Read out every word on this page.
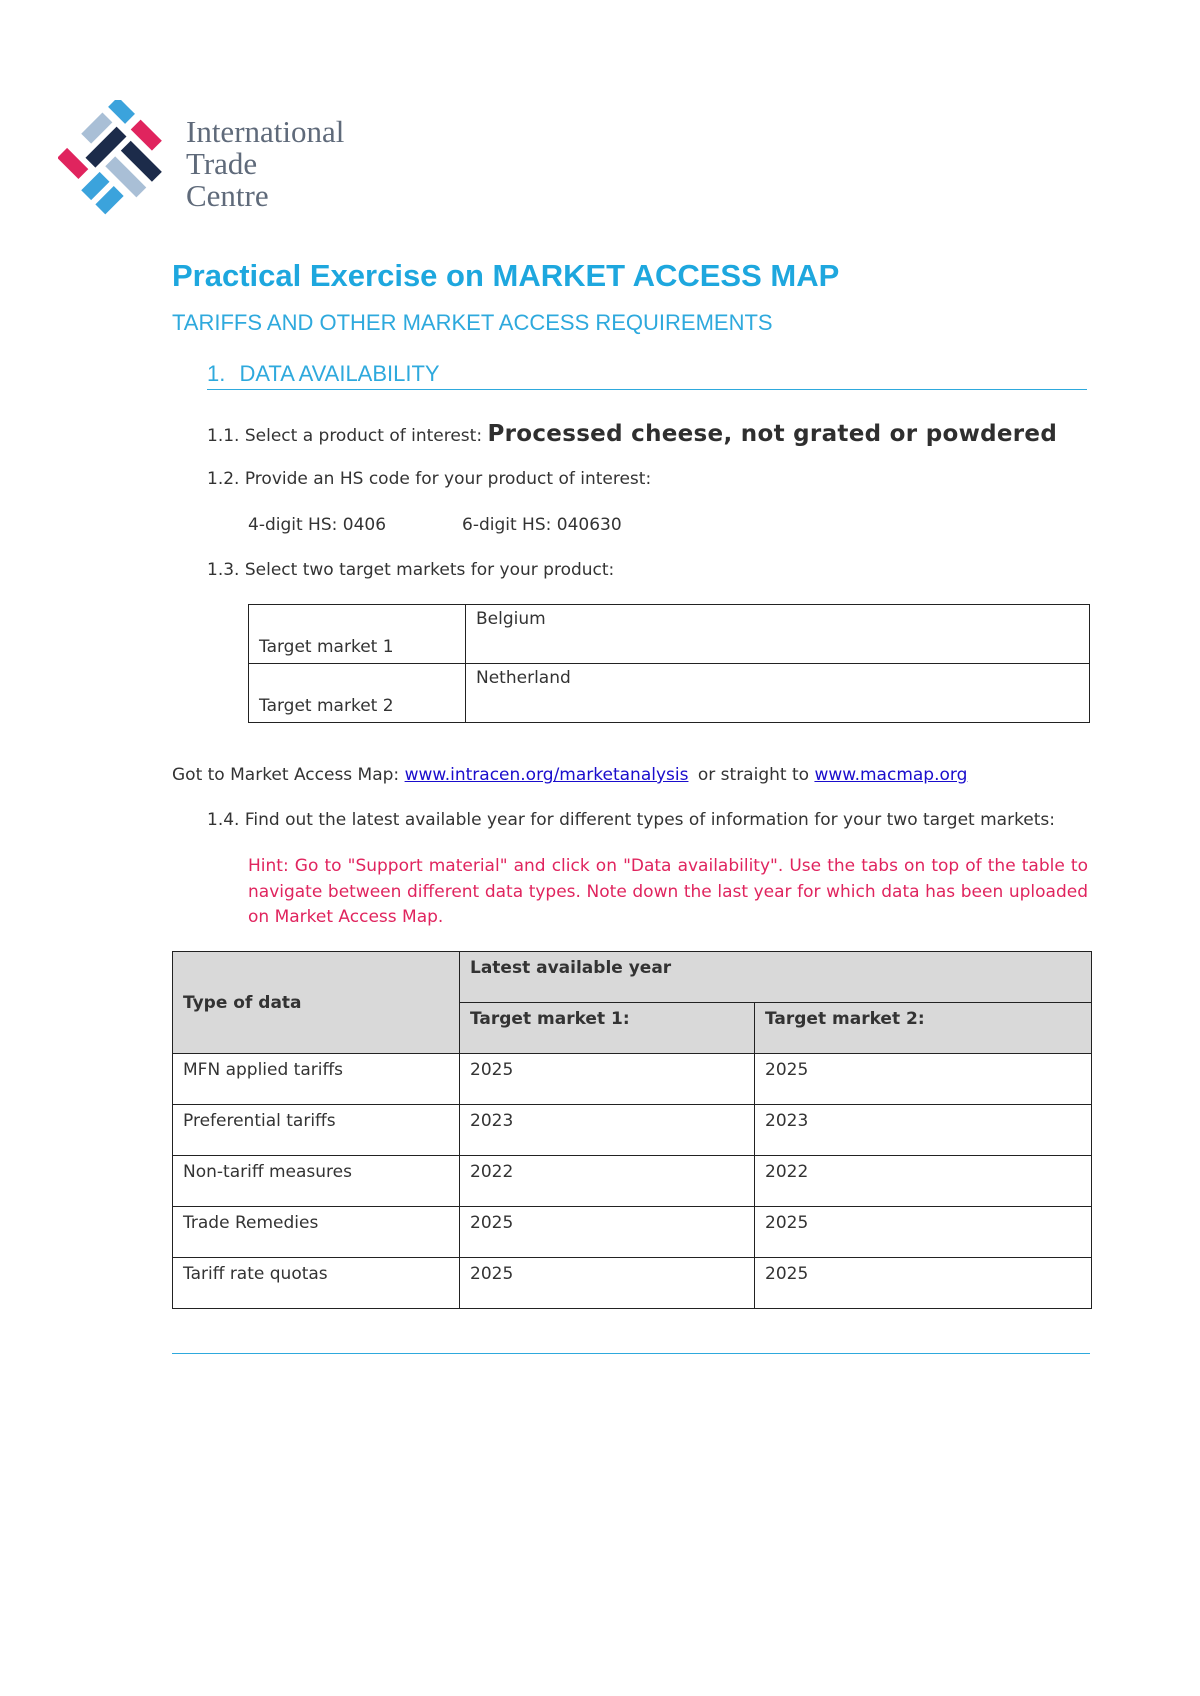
International
Trade
Centre
Practical Exercise on MARKET ACCESS MAP
TARIFFS AND OTHER MARKET ACCESS REQUIREMENTS
1. DATA AVAILABILITY
1.1. Select a product of interest: Processed cheese, not grated or powdered
1.2. Provide an HS code for your product of interest:
4-digit HS: 0406	6-digit HS: 040630
1.3. Select two target markets for your product:
Target market 1	Belgium
Target market 2	Netherland
Got to Market Access Map: www.intracen.org/marketanalysis or straight to www.macmap.org
1.4. Find out the latest available year for different types of information for your two target markets:
Hint: Go to "Support material" and click on "Data availability". Use the tabs on top of the table to navigate between different data types. Note down the last year for which data has been uploaded on Market Access Map.
Type of data	Latest available year	
	Target market 1:	Target market 2:
MFN applied tariffs	2025	2025
Preferential tariffs	2023	2023
Non-tariff measures	2022	2022
Trade Remedies	2025	2025
Tariff rate quotas	2025	2025
